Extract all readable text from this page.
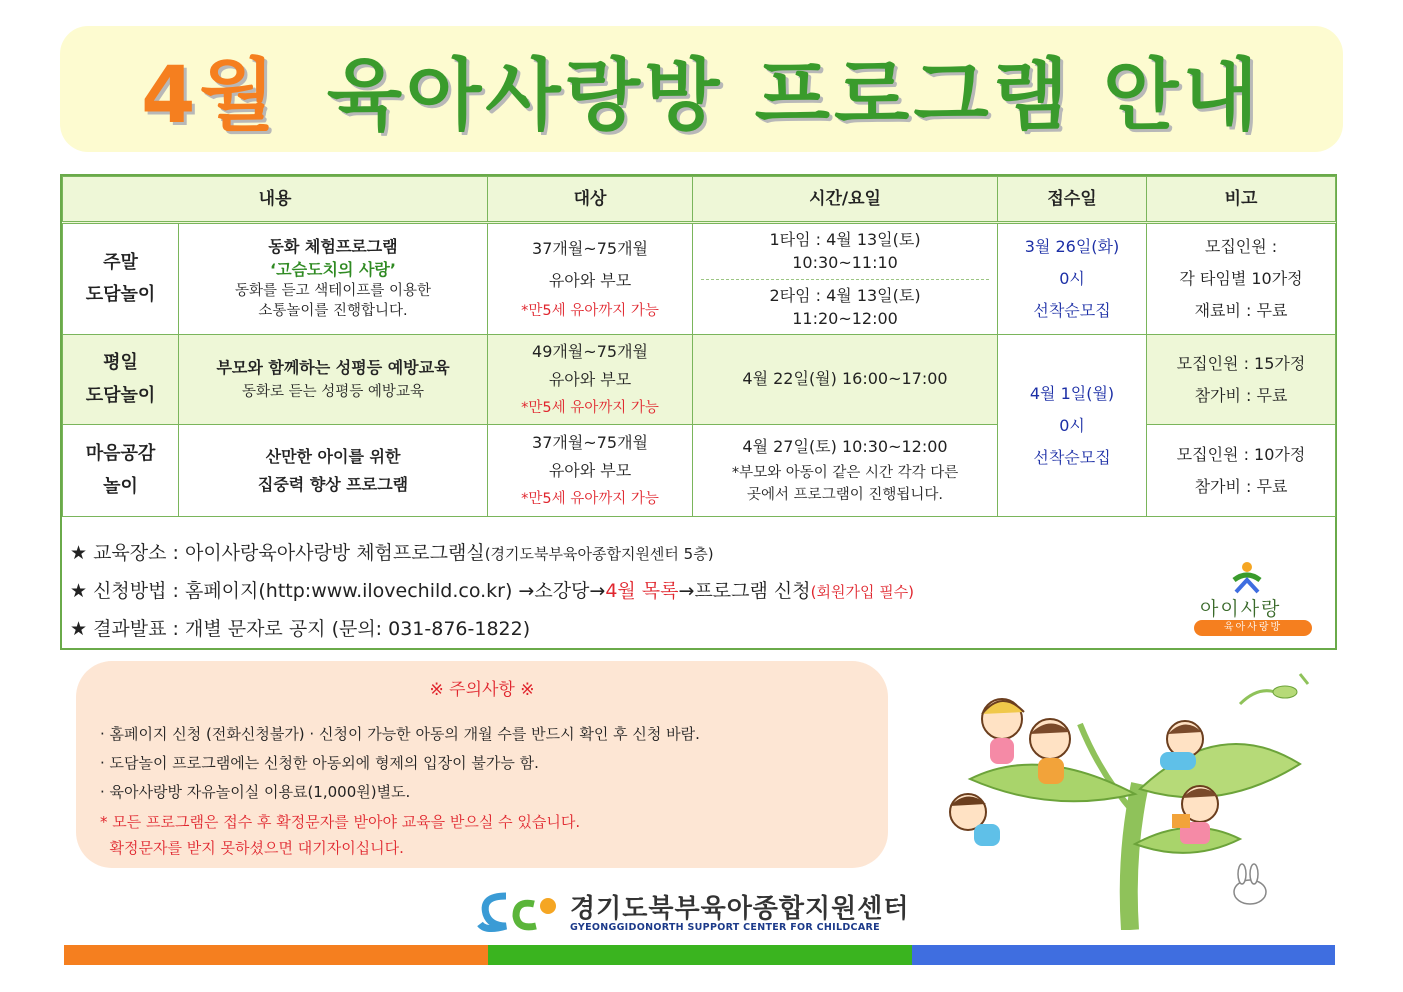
4월 육아사랑방 프로그램 안내
내용		대상	시간/요일	접수일	비고

주말
도담놀이	동화 체험프로그램
‘고슴도치의 사랑’
동화를 듣고 색테이프를 이용한
소통놀이를 진행합니다.	37개월~75개월
유아와 부모
*만5세 유아까지 가능	1타임 : 4월 13일(토)
10:30~11:10
2타임 : 4월 13일(토)
11:20~12:00	3월 26일(화)
0시
선착순모집	모집인원 :
각 타임별 10가정
재료비 : 무료

평일
도담놀이	부모와 함께하는 성평등 예방교육
동화로 듣는 성평등 예방교육	49개월~75개월
유아와 부모
*만5세 유아까지 가능	4월 22일(월) 16:00~17:00	4월 1일(월)
0시
선착순모집	모집인원 : 15가정
참가비 : 무료

마음공감
놀이	산만한 아이를 위한
집중력 향상 프로그램	37개월~75개월
유아와 부모
*만5세 유아까지 가능	4월 27일(토) 10:30~12:00
*부모와 아동이 같은 시간 각각 다른
곳에서 프로그램이 진행됩니다.		모집인원 : 10가정
참가비 : 무료
★ 교육장소 : 아이사랑육아사랑방 체험프로그램실(경기도북부육아종합지원센터 5층)
★ 신청방법 : 홈페이지(http:www.ilovechild.co.kr) →소강당→4월 목록→프로그램 신청(회원가입 필수)
★ 결과발표 : 개별 문자로 공지 (문의: 031-876-1822)
아이사랑
육아사랑방
※ 주의사항 ※
· 홈페이지 신청 (전화신청불가) · 신청이 가능한 아동의 개월 수를 반드시 확인 후 신청 바람.
· 도담놀이 프로그램에는 신청한 아동외에 형제의 입장이 불가능 함.
· 육아사랑방 자유놀이실 이용료(1,000원)별도.
* 모든 프로그램은 접수 후 확정문자를 받아야 교육을 받으실 수 있습니다.
확정문자를 받지 못하셨으면 대기자이십니다.
경기도북부육아종합지원센터
GYEONGGIDONORTH SUPPORT CENTER FOR CHILDCARE
